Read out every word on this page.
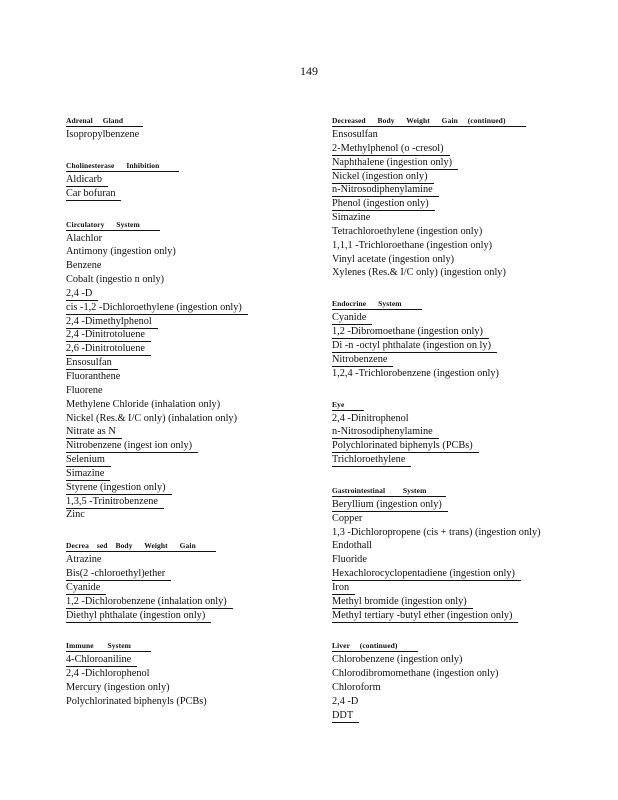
149
Adrenal     Gland
Isopropylbenzene
Cholinesterase      Inhibition
Aldicarb
Car bofuran
Circulatory      System
Alachlor
Antimony (ingestion only)
Benzene
Cobalt (ingestio n only)
2,4 -D
cis -1,2 -Dichloroethylene (ingestion only)
2,4 -Dimethylphenol
2,4 -Dinitrotoluene
2,6 -Dinitrotoluene
Ensosulfan
Fluoranthene
Fluorene
Methylene Chloride (inhalation only)
Nickel (Res.& I/C only) (inhalation only)
Nitrate as N
Nitrobenzene (ingest ion only)
Selenium
Simazine
Styrene (ingestion only)
1,3,5 -Trinitrobenzene
Zinc
Decrea    sed    Body      Weight      Gain
Atrazine
Bis(2 -chloroethyl)ether
Cyanide
1,2 -Dichlorobenzene (inhalation only)
Diethyl phthalate (ingestion only)
Immune       System
4-Chloroaniline
2,4 -Dichlorophenol
Mercury (ingestion only)
Polychlorinated biphenyls (PCBs)
Decreased      Body      Weight      Gain     (continued)
Ensosulfan
2-Methylphenol (o -cresol)
Naphthalene (ingestion only)
Nickel (ingestion only)
n-Nitrosodiphenylamine
Phenol (ingestion only)
Simazine
Tetrachloroethylene (ingestion only)
1,1,1 -Trichloroethane (ingestion only)
Vinyl acetate (ingestion only)
Xylenes (Res.& I/C only) (ingestion only)
Endocrine      System
Cyanide
1,2 -Dibromoethane (ingestion only)
Di -n -octyl phthalate (ingestion on ly)
Nitrobenzene
1,2,4 -Trichlorobenzene (ingestion only)
Eye
2,4 -Dinitrophenol
n-Nitrosodiphenylamine
Polychlorinated biphenyls (PCBs)
Trichloroethylene
Gastrointestinal         System
Beryllium (ingestion only)
Copper
1,3 -Dichloropropene (cis + trans) (ingestion only)
Endothall
Fluoride
Hexachlorocyclopentadiene (ingestion only)
Iron
Methyl bromide (ingestion only)
Methyl tertiary -butyl ether (ingestion only)
Liver     (continued)
Chlorobenzene (ingestion only)
Chlorodibromomethane (ingestion only)
Chloroform
2,4 -D
DDT
